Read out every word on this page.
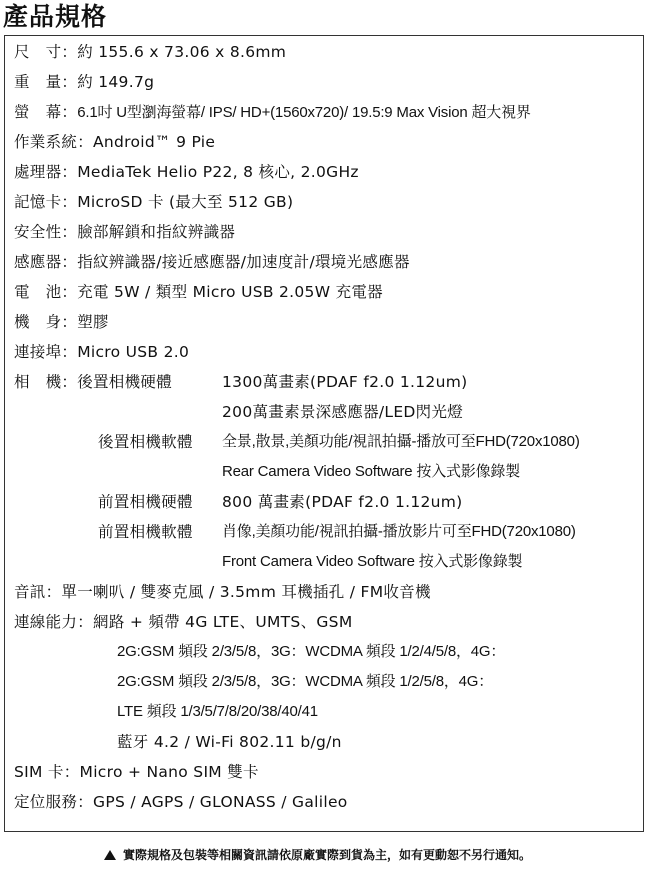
產品規格
尺　寸：約 155.6 x 73.06 x 8.6mm
重　量：約 149.7g
螢　幕：6.1吋 U型瀏海螢幕/ IPS/ HD+(1560x720)/ 19.5:9 Max Vision 超大視界
作業系統：Android™ 9 Pie
處理器：MediaTek Helio P22, 8 核心, 2.0GHz
記憶卡：MicroSD 卡 (最大至 512 GB)
安全性：臉部解鎖和指紋辨識器
感應器：指紋辨識器/接近感應器/加速度計/環境光感應器
電　池：充電 5W / 類型 Micro USB 2.05W 充電器
機　身：塑膠
連接埠：Micro USB 2.0
相　機：後置相機硬體	1300萬畫素(PDAF f2.0 1.12um)
200萬畫素景深感應器/LED閃光燈
後置相機軟體 全景,散景,美顏功能/視訊拍攝-播放可至FHD(720x1080)
Rear Camera Video Software 按入式影像錄製
前置相機硬體 800 萬畫素(PDAF f2.0 1.12um)
前置相機軟體 肖像,美顏功能/視訊拍攝-播放影片可至FHD(720x1080)
Front Camera Video Software 按入式影像錄製
音訊：單一喇叭 / 雙麥克風 / 3.5mm 耳機插孔 / FM收音機
連線能力：網路 + 頻帶 4G LTE、UMTS、GSM
2G:GSM 頻段 2/3/5/8，3G：WCDMA 頻段 1/2/4/5/8，4G：
2G:GSM 頻段 2/3/5/8，3G：WCDMA 頻段 1/2/5/8，4G：
LTE 頻段 1/3/5/7/8/20/38/40/41
藍牙 4.2 / Wi-Fi 802.11 b/g/n
SIM 卡：Micro + Nano SIM 雙卡
定位服務：GPS / AGPS / GLONASS / Galileo
實際規格及包裝等相關資訊請依原廠實際到貨為主，如有更動恕不另行通知。
